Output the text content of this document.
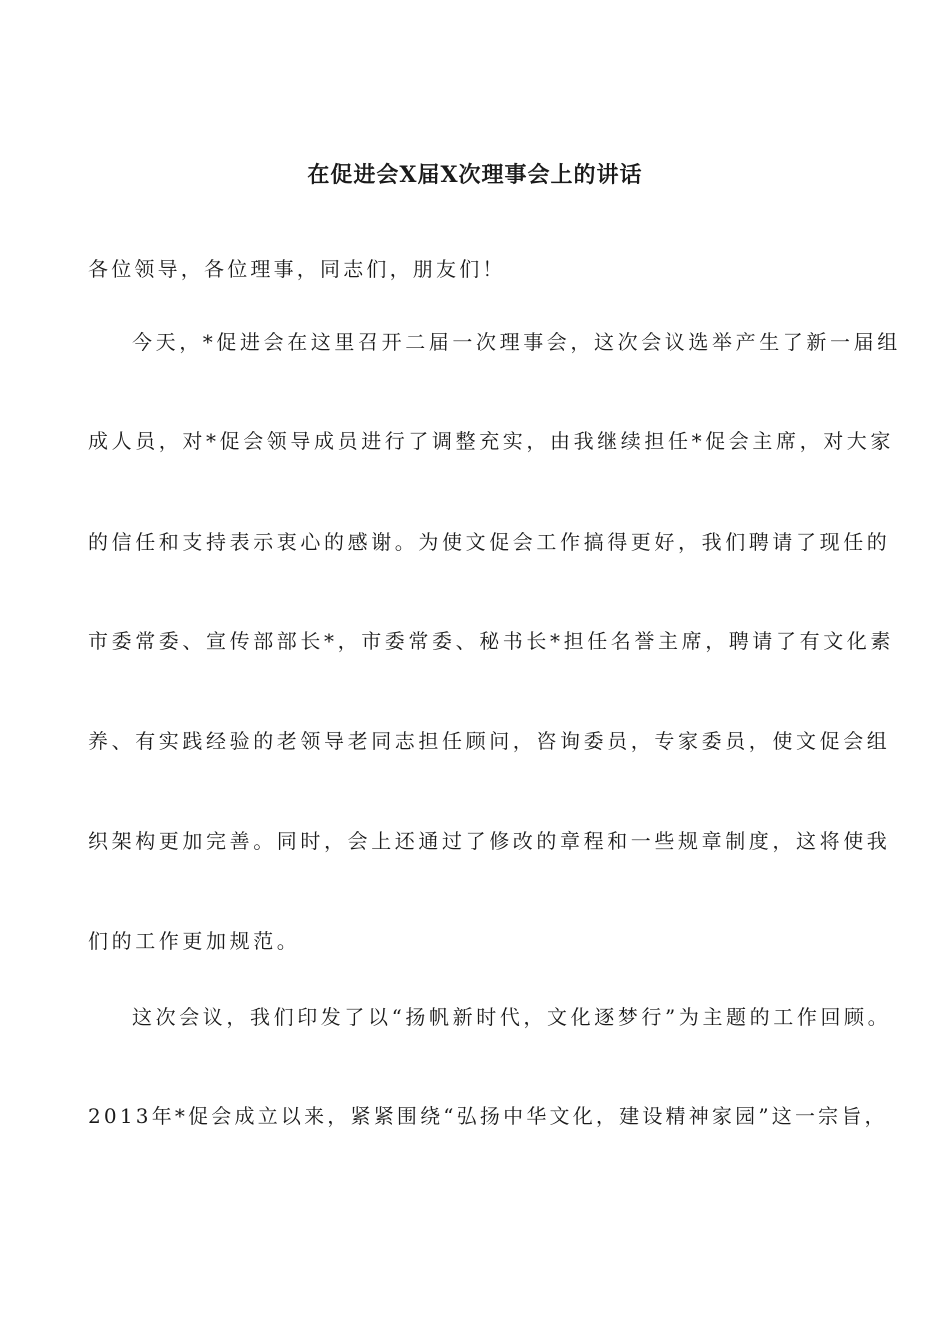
在促进会X届X次理事会上的讲话

各位领导，各位理事，同志们，朋友们！

今天，*促进会在这里召开二届一次理事会，这次会议选举产生了新一届组

成人员，对*促会领导成员进行了调整充实，由我继续担任*促会主席，对大家

的信任和支持表示衷心的感谢。为使文促会工作搞得更好，我们聘请了现任的

市委常委、宣传部部长*，市委常委、秘书长*担任名誉主席，聘请了有文化素

养、有实践经验的老领导老同志担任顾问，咨询委员，专家委员，使文促会组

织架构更加完善。同时，会上还通过了修改的章程和一些规章制度，这将使我

们的工作更加规范。

这次会议，我们印发了以“扬帆新时代，文化逐梦行”为主题的工作回顾。

2013年*促会成立以来，紧紧围绕“弘扬中华文化，建设精神家园”这一宗旨，
